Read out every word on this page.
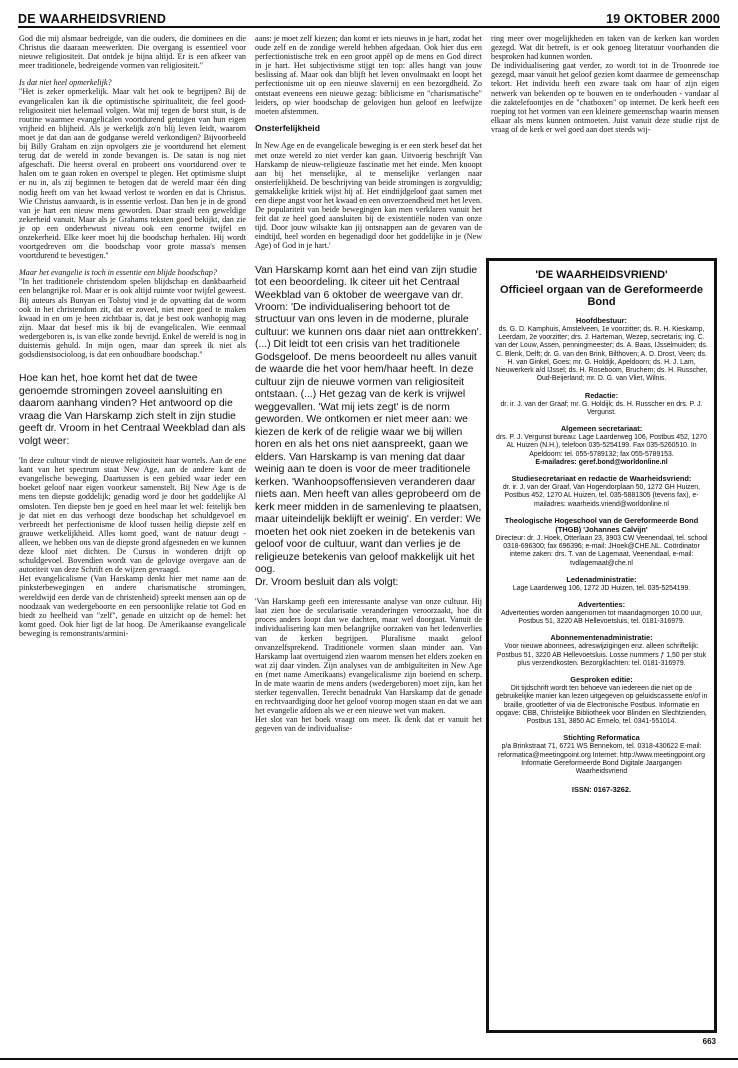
DE WAARHEIDSVRIEND	19 OKTOBER 2000

God die mij alsmaar bedreigde, van die ouders, die dominees en die Christus die daaraan meewerkten. Die overgang is essentieel voor nieuwe religiositeit. Dat ontdek je bijna altijd. Er is een afkeer van meer traditionele, bedreigende vormen van religiositeit."

Is dat niet heel opmerkelijk?

"Het is zeker opmerkelijk. Maar valt het ook te begrijpen? Bij de evangelicalen kan ik die optimistische spiritualiteit, die feel good-religiositeit niet helemaal volgen. Wat mij tegen de borst stuit, is de routine waarmee evangelicalen voortdurend getuigen van hun eigen vrijheid en blijheid. Als je werkelijk zo'n blij leven leidt, waarom moet je dat dan aan de godganse wereld verkondigen? Bijvoorbeeld bij Billy Graham en zijn opvolgers zie je voortdurend het element terug dat de wereld in zonde bevangen is. De satan is nog niet afgeschaft. Die heerst overal en probeert ons voortdurend over te halen om te gaan roken en overspel te plegen. Het optimisme sluipt er nu in, als zij beginnen te betogen dat de wereld maar één ding nodig heeft om van het kwaad verlost te worden en dat is Christus. Wie Christus aanvaardt, is in essentie verlost. Dan ben je in de grond van je hart een nieuw mens geworden. Daar straalt een geweldige zekerheid vanuit. Maar als je Grahams teksten goed bekijkt, dan zie je op een onderbewust niveau ook een enorme twijfel en onzekerheid. Elke keer moet hij die boodschap herhalen. Hij wordt voortgedreven om die boodschap voor grote massa's mensen voortdurend te bevestigen."

Maar het evangelie is toch in essentie een blijde boodschap?

"In het traditionele christendom spelen blijdschap en dankbaarheid een belangrijke rol. Maar er is ook altijd ruimte voor twijfel geweest. Bij auteurs als Bunyan en Tolstoj vind je de opvatting dat de worm ook in het christendom zit, dat er zoveel, niet meer goed te maken kwaad in en om je heen zichtbaar is, dat je best ook wanhopig mag zijn. Maar dat besef mis ik bij de evangelicalen. Wie eenmaal wedergeboren is, is van elke zonde bevrijd. Enkel de wereld is nog in duisternis gehuld. In mijn ogen, maar dan spreek ik niet als godsdienstsocioloog, is dat een onhoudbare boodschap."

Hoe kan het, hoe komt het dat de twee genoemde stromingen zoveel aansluiting en daarom aanhang vinden? Het antwoord op die vraag die Van Harskamp zich stelt in zijn studie geeft dr. Vroom in het Centraal Weekblad dan als volgt weer:

'In deze cultuur vindt de nieuwe religiositeit haar wortels. Aan de ene kant van het spectrum staat New Age, aan de andere kant de evangelische beweging. Daartussen is een gebied waar ieder een boeket geloof naar eigen voorkeur samenstelt. Bij New Age is de mens ten diepste goddelijk; genadig word je door het goddelijke Al omsloten. Ten diepste ben je goed en heel maar let wel: feitelijk ben je dat niet en dus verhoogt deze boodschap het schuldgevoel en verbreedt het perfectionisme de kloof tussen heilig diepste zelf en grauwe werkelijkheid. Alles komt goed, want de natuur deugt - alleen, we hebben ons van de diepste grond afgesneden en we kunnen deze kloof niet dichten. De Cursus in wonderen drijft op schuldgevoel. Bovendien wordt van de gelovige overgave aan de autoriteit van deze Schrift en de wijzen gevraagd.

Het evangelicalisme (Van Harskamp denkt hier met name aan de pinksterbewegingen en andere charismatische stromingen, wereldwijd een derde van de christenheid) spreekt mensen aan op de noodzaak van wedergeboorte en een persoonlijke relatie tot God en biedt zo heelheid van "zelf", genade en uitzicht op de hemel: het komt goed. Ook hier ligt de lat hoog. De Amerikaanse evangelicale beweging is remonstrants/armini-

aans: je moet zelf kiezen; dan komt er iets nieuws in je hart, zodat het oude zelf en de zondige wereld hebben afgedaan. Ook hier dus een perfectionistische trek en een groot appèl op de mens en God direct in je hart. Het subjectivisme stijgt ten top: alles hangt van jouw beslissing af. Maar ook dan blijft het leven onvolmaakt en loopt het perfectionisme uit op een nieuwe slavernij en een bezorgdheid. Zo ontstaat eveneens een nieuwe gezag: biblicisme en "charismatische" leiders, op wier boodschap de gelovigen hun geloof en leefwijze moeten afstemmen.

Onsterfelijkheid

In New Age en de evangelicale beweging is er een sterk besef dat het met onze wereld zo niet verder kan gaan. Uitvoerig beschrijft Van Harskamp de nieuw-religieuze fascinatie met het einde. Men knoopt aan bij het menselijke, al te menselijke verlangen naar onsterfelijkheid. De beschrijving van beide stromingen is zorgvuldig; gemakkelijke kritiek wijst hij af. Het eindtijdgeloof gaat samen met een diepe angst voor het kwaad en een onverzoendheid met het leven. De populariteit van beide bewegingen kan men verklaren vanuit het feit dat ze heel goed aansluiten bij de existentiële noden van onze tijd. Door jouw wilsakte kan jij ontsnappen aan de gevaren van de eindtijd, heel worden en begenadigd door het goddelijke in je (New Age) of God in je hart.'

Van Harskamp komt aan het eind van zijn studie tot een beoordeling. Ik citeer uit het Centraal Weekblad van 6 oktober de weergave van dr. Vroom: 'De individualisering behoort tot de structuur van ons leven in de moderne, plurale cultuur: we kunnen ons daar niet aan onttrekken'. (...) Dit leidt tot een crisis van het traditionele Godsgeloof. De mens beoordeelt nu alles vanuit de waarde die het voor hem/haar heeft. In deze cultuur zijn de nieuwe vormen van religiositeit ontstaan. (...) Het gezag van de kerk is vrijwel weggevallen. 'Wat mij iets zegt' is de norm geworden. We ontkomen er niet meer aan: we kiezen de kerk of de religie waar we bij willen horen en als het ons niet aanspreekt, gaan we elders. Van Harskamp is van mening dat daar weinig aan te doen is voor de meer traditionele kerken. 'Wanhoopsoffensieven veranderen daar niets aan. Men heeft van alles geprobeerd om de kerk meer midden in de samenleving te plaatsen, maar uiteindelijk beklijft er weinig'. En verder: We moeten het ook niet zoeken in de betekenis van geloof voor de cultuur, want dan verlies je de religieuze betekenis van geloof makkelijk uit het oog.

Dr. Vroom besluit dan als volgt:

'Van Harskamp geeft een interessante analyse van onze cultuur. Hij laat zien hoe de secularisatie veranderingen veroorzaakt, hoe dit proces anders loopt dan we dachten, maar wel doorgaat. Vanuit de individualisering kan men belangrijke oorzaken van het ledenverlies van de kerken begrijpen. Pluralisme maakt geloof onvanzelfsprekend. Traditionele vormen slaan minder aan. Van Harskamp laat overtuigend zien waarom mensen het elders zoeken en wat zij daar vinden. Zijn analyses van de ambiguïteiten in New Age en (met name Amerikaans) evangelicalisme zijn boeiend en scherp. In de mate waarin de mens anders (wedergeboren) moet zijn, kan het sterker tegenvallen. Terecht benadrukt Van Harskamp dat de genade en rechtvaardiging door het geloof voorop mogen staan en dat we aan het evangelie afdoen als we er een nieuwe wet van maken.

Het slot van het boek vraagt om meer. Ik denk dat er vanuit het gegeven van de individualise-

ring meer over mogelijkheden en taken van de kerken kan worden gezegd. Wat dit betreft, is er ook genoeg literatuur voorhanden die besproken had kunnen worden.

De individualisering gaat verder, zo wordt tot in de Troonrede toe gezegd, maar vanuit het geloof gezien komt daarmee de gemeenschap tekort. Het individu heeft een zware taak om haar of zijn eigen netwerk van bekenden op te bouwen en te onderhouden - vandaar al die zaktelefoontjes en de "chatboxen" op internet. De kerk heeft een roeping tot het vormen van een kleinere gemeenschap waarin mensen elkaar als mens kunnen ontmoeten. Juist vanuit deze studie rijst de vraag of de kerk er wel goed aan doet steeds wij-

'DE WAARHEIDSVRIEND'
Officieel orgaan van de Gereformeerde Bond
Hoofdbestuur:
ds. G. D. Kamphuis, Amstelveen, 1e voorzitter; ds. R. H. Kieskamp, Leerdam, 2e voorzitter; drs. J. Harteman, Wezep, secretaris; ing. C. van der Louw, Assen, penningmeester; ds. A. Baas, IJsselmuiden; ds. C. Blenk, Delft; dr. G. van den Brink, Bilthoven; A. D. Drost, Veen; ds. H. van Ginkel, Goes; mr. G. Holdijk, Apeldoorn; ds. H. J. Lam, Nieuwerkerk a/d IJssel; ds. H. Roseboom, Bruchem; ds. H. Russcher, Oud-Beijerland; mr. D. G. van Vliet, Wilnis.
Redactie:
dr. ir. J. van der Graaf; mr. G. Holdijk; ds. H. Russcher en drs. P. J. Vergunst.
Algemeen secretariaat:
drs. P. J. Vergunst bureau: Lage Laarderweg 106, Postbus 452, 1270 AL Huizen (N.H.), telefoon 035-5254199. Fax 035-5260510. In Apeldoorn: tel. 055-5789132; fax 055-5789153.
E-mailadres: geref.bond@worldonline.nl
Studiesecretariaat en redactie de Waarheidsvriend:
dr. ir. J. van der Graaf, Van Hogendorplaan 50, 1272 GH Huizen, Postbus 452, 1270 AL Huizen, tel. 035-5881305 (tevens fax), e-mailadres: waarheids.vriend@worldonline.nl
Theologische Hogeschool van de Gereformeerde Bond (THGB) 'Johannes Calvijn'
Directeur: dr. J. Hoek, Otterlaan 23, 3903 CW Veenendaal, tel. school 0318-696300; fax 696396; e-mail: JHoek@CHE.NL. Coördinator interne zaken: drs. T. van de Lagemaat, Veenendaal, e-mail: tvdlagemaat@che.nl
Ledenadministratie:
Lage Laarderweg 106, 1272 JD Huizen, tel. 035-5254199.
Advertenties:
Advertenties worden aangenomen tot maandagmorgen 10.00 uur, Postbus 51, 3220 AB Hellevoetsluis, tel. 0181-316979.
Abonnementenadministratie:
Voor nieuwe abonnees, adreswijzigingen enz. alleen schriftelijk: Postbus 51, 3220 AB Hellevoetsluis. Losse nummers ƒ 1,50 per stuk plus verzendkosten. Bezorgklachten: tel. 0181-316979.
Gesproken editie:
Dit tijdschrift wordt ten behoeve van iedereen die niet op de gebruikelijke manier kan lezen uitgegeven op geluidscassette en/of in braille, grootletter of via de Electronische Postbus. Informatie en opgave: CBB, Christelijke Bibliotheek voor Blinden en Slechtzienden, Postbus 131, 3850 AC Ermelo, tel. 0341-551014.
Stichting Reformatica
p/a Brinkstraat 71, 6721 WS Bennekom, tel. 0318-430622 E-mail: reformatica@meetingpoint.org Internet: http://www.meetingpoint.org Informatie Gereformeerde Bond Digitale Jaargangen Waarheidsvriend
ISSN: 0167-3262.
663
